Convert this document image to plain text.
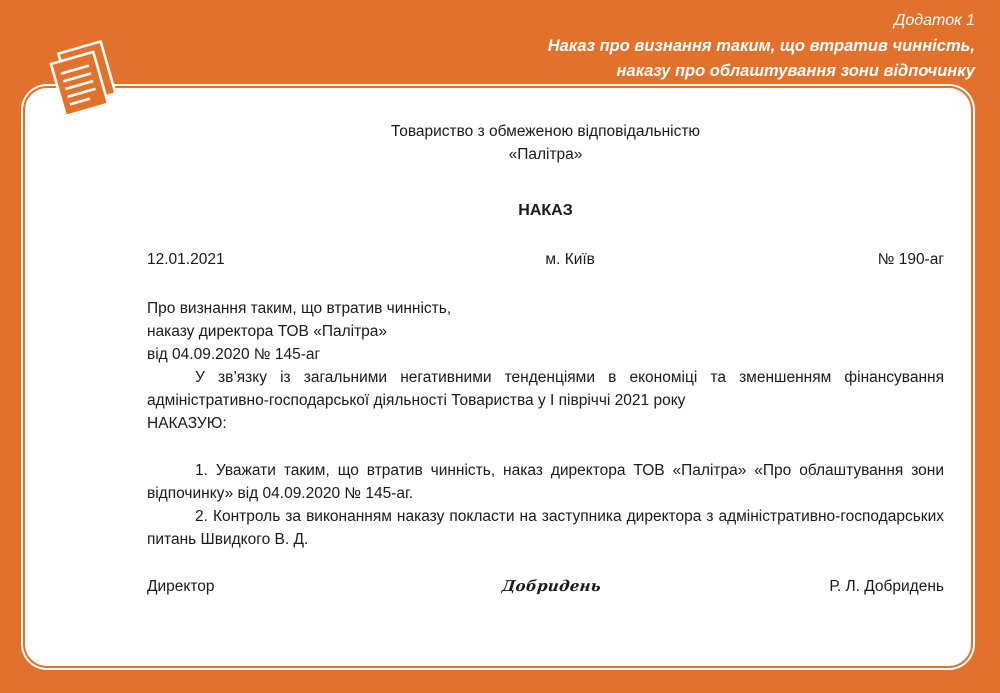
Додаток 1

Наказ про визнання таким, що втратив чинність,
наказу про облаштування зони відпочинку

Товариство з обмеженою відповідальністю

«Палітра»

НАКАЗ

12.01.2021	м. Київ	№ 190-аг

Про визнання таким, що втратив чинність,

наказу директора ТОВ «Палітра»

від 04.09.2020 № 145-аг

У зв’язку із загальними негативними тенденціями в економіці та зменшенням фінансування адміністративно-господарської діяльності Товариства у І півріччі 2021 року

НАКАЗУЮ:

1. Уважати таким, що втратив чинність, наказ директора ТОВ «Палітра» «Про облаштування зони відпочинку» від 04.09.2020 № 145-аг.

2. Контроль за виконанням наказу покласти на заступника директора з адміністративно-господарських питань Швидкого В. Д.

Директор	Добридень	Р. Л. Добридень
